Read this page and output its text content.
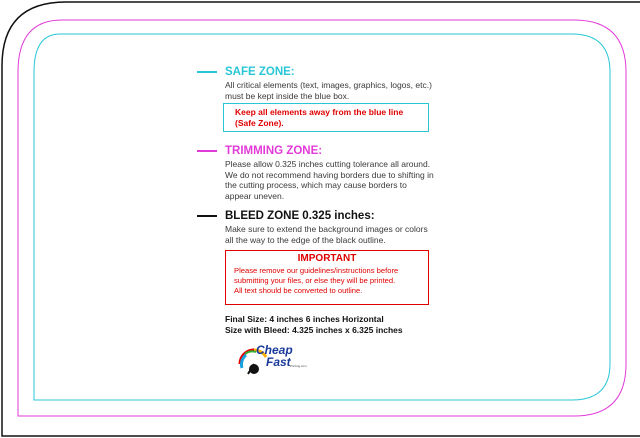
SAFE ZONE:
All critical elements (text, images, graphics, logos, etc.)
must be kept inside the blue box.
Keep all elements away from the blue line
(Safe Zone).
TRIMMING ZONE:
Please allow 0.325 inches cutting tolerance all around.
We do not recommend having borders due to shifting in
the cutting process, which may cause borders to
appear uneven.
BLEED ZONE 0.325 inches:
Make sure to extend the background images or colors
all the way to the edge of the black outline.
IMPORTANT
Please remove our guidelines/instructions before
submitting your files, or else they will be printed.
All text should be converted to outline.
Final Size: 4 inches 6 inches Horizontal
Size with Bleed: 4.325 inches x 6.325 inches
Cheap
Fast Printing.com
